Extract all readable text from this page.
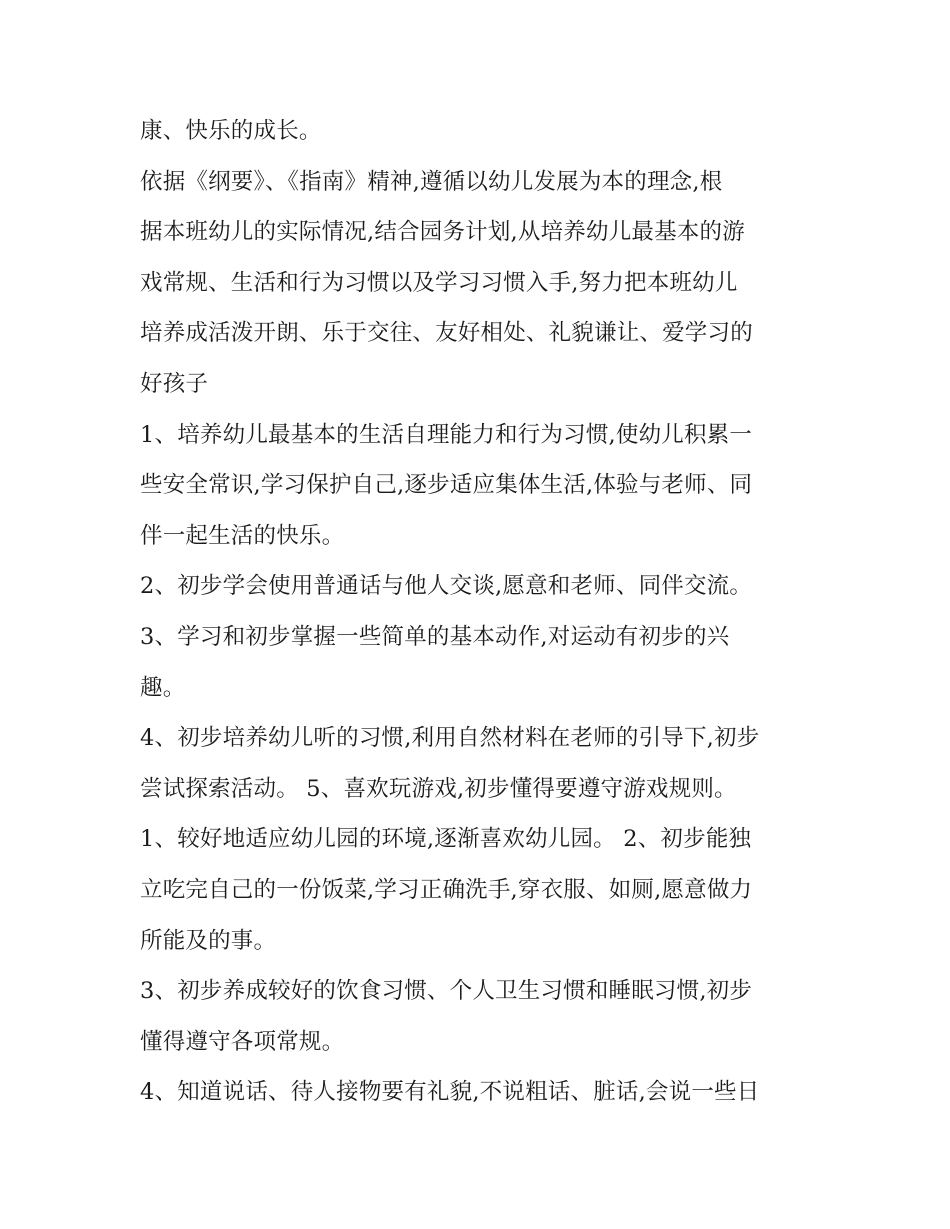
康、快乐的成长。
依据《纲要》、《指南》精神,遵循以幼儿发展为本的理念,根
据本班幼儿的实际情况,结合园务计划,从培养幼儿最基本的游
戏常规、生活和行为习惯以及学习习惯入手,努力把本班幼儿
培养成活泼开朗、乐于交往、友好相处、礼貌谦让、爱学习的
好孩子
1、培养幼儿最基本的生活自理能力和行为习惯,使幼儿积累一
些安全常识,学习保护自己,逐步适应集体生活,体验与老师、同
伴一起生活的快乐。
2、初步学会使用普通话与他人交谈,愿意和老师、同伴交流。
3、学习和初步掌握一些简单的基本动作,对运动有初步的兴
趣。
4、初步培养幼儿听的习惯,利用自然材料在老师的引导下,初步
尝试探索活动。 5、喜欢玩游戏,初步懂得要遵守游戏规则。
1、较好地适应幼儿园的环境,逐渐喜欢幼儿园。 2、初步能独
立吃完自己的一份饭菜,学习正确洗手,穿衣服、如厕,愿意做力
所能及的事。
3、初步养成较好的饮食习惯、个人卫生习惯和睡眠习惯,初步
懂得遵守各项常规。
4、知道说话、待人接物要有礼貌,不说粗话、脏话,会说一些日
